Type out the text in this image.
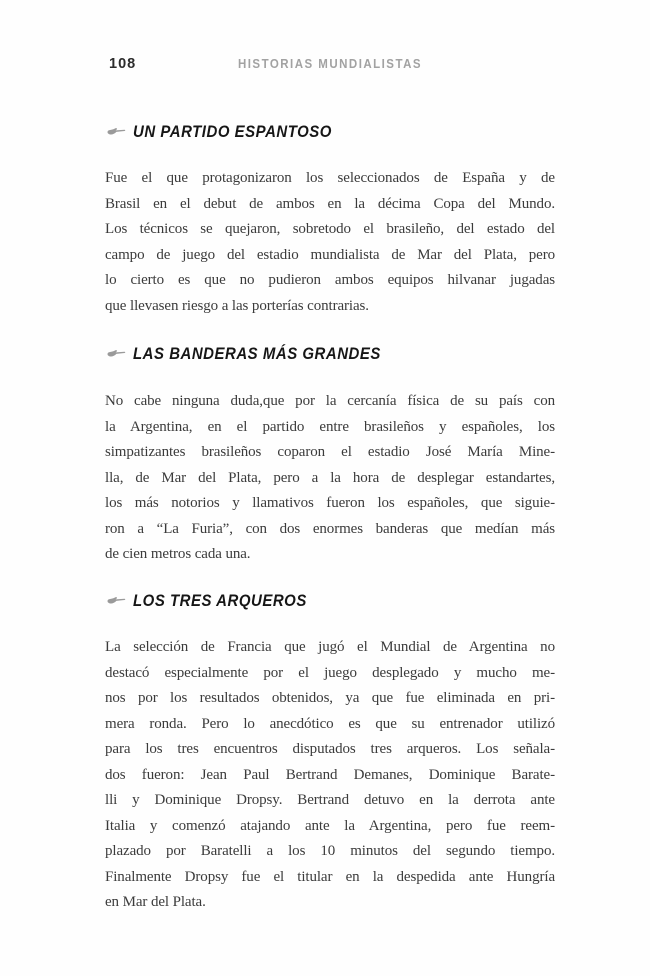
108	HISTORIAS MUNDIALISTAS
UN PARTIDO ESPANTOSO
Fue el que protagonizaron los seleccionados de España y de
Brasil en el debut de ambos en la décima Copa del Mundo.
Los técnicos se quejaron, sobretodo el brasileño, del estado del
campo de juego del estadio mundialista de Mar del Plata, pero
lo cierto es que no pudieron ambos equipos hilvanar jugadas
que llevasen riesgo a las porterías contrarias.
LAS BANDERAS MÁS GRANDES
No cabe ninguna duda,que por la cercanía física de su país con
la Argentina, en el partido entre brasileños y españoles, los
simpatizantes brasileños coparon el estadio José María Mine-
lla, de Mar del Plata, pero a la hora de desplegar estandartes,
los más notorios y llamativos fueron los españoles, que siguie-
ron a “La Furia”, con dos enormes banderas que medían más
de cien metros cada una.
LOS TRES ARQUEROS
La selección de Francia que jugó el Mundial de Argentina no
destacó especialmente por el juego desplegado y mucho me-
nos por los resultados obtenidos, ya que fue eliminada en pri-
mera ronda. Pero lo anecdótico es que su entrenador utilizó
para los tres encuentros disputados tres arqueros. Los señala-
dos fueron: Jean Paul Bertrand Demanes, Dominique Barate-
lli y Dominique Dropsy. Bertrand detuvo en la derrota ante
Italia y comenzó atajando ante la Argentina, pero fue reem-
plazado por Baratelli a los 10 minutos del segundo tiempo.
Finalmente Dropsy fue el titular en la despedida ante Hungría
en Mar del Plata.
